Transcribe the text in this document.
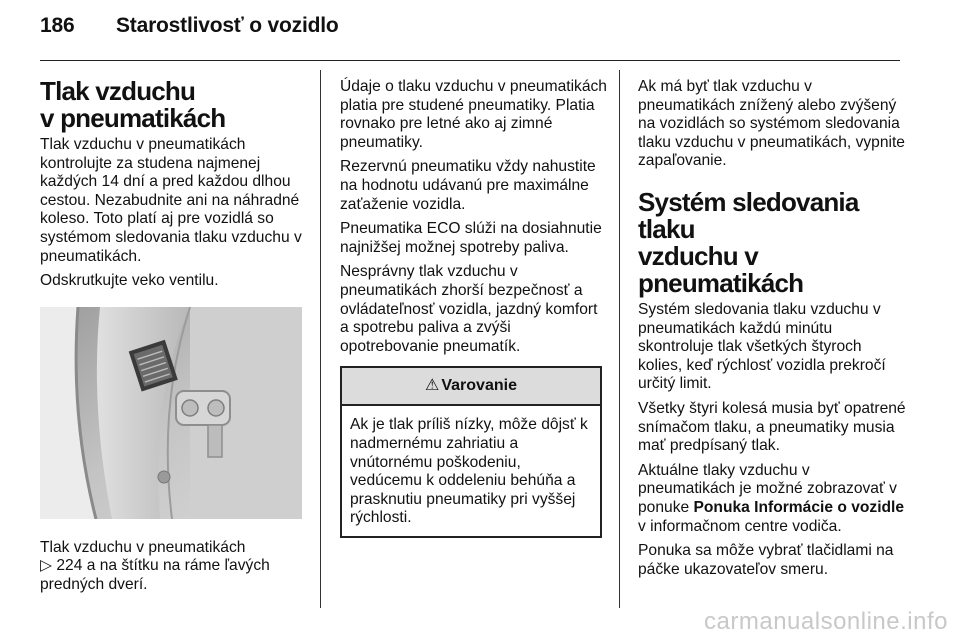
186 Starostlivosť o vozidlo
Tlak vzduchu
v pneumatikách

Tlak vzduchu v pneumatikách kontrolujte za studena najmenej každých 14 dní a pred každou dlhou cestou. Nezabudnite ani na náhradné koleso. Toto platí aj pre vozidlá so systémom sledovania tlaku vzduchu v pneumatikách.

Odskrutkujte veko ventilu.

Tlak vzduchu v pneumatikách
▷ 224 a na štítku na ráme ľavých
predných dverí.

Údaje o tlaku vzduchu v pneumatikách platia pre studené pneumatiky. Platia rovnako pre letné ako aj zimné pneumatiky.

Rezervnú pneumatiku vždy nahustite na hodnotu udávanú pre maximálne zaťaženie vozidla.

Pneumatika ECO slúži na dosiahnutie najnižšej možnej spotreby paliva.

Nesprávny tlak vzduchu v pneumatikách zhorší bezpečnosť a ovládateľnosť vozidla, jazdný komfort a spotrebu paliva a zvýši opotrebovanie pneumatík.

⚠ Varovanie
Ak je tlak príliš nízky, môže dôjsť k nadmernému zahriatiu a vnútornému poškodeniu, vedúcemu k oddeleniu behúňa a prasknutiu pneumatiky pri vyššej rýchlosti.

Ak má byť tlak vzduchu v pneumatikách znížený alebo zvýšený na vozidlách so systémom sledovania tlaku vzduchu v pneumatikách, vypnite zapaľovanie.

Systém sledovania tlaku
vzduchu v pneumatikách

Systém sledovania tlaku vzduchu v pneumatikách každú minútu skontroluje tlak všetkých štyroch kolies, keď rýchlosť vozidla prekročí určitý limit.

Všetky štyri kolesá musia byť opatrené snímačom tlaku, a pneumatiky musia mať predpísaný tlak.

Aktuálne tlaky vzduchu v pneumatikách je možné zobrazovať v ponuke Ponuka Informácie o vozidle v informačnom centre vodiča.

Ponuka sa môže vybrať tlačidlami na páčke ukazovateľov smeru.

carmanualsonline.info
